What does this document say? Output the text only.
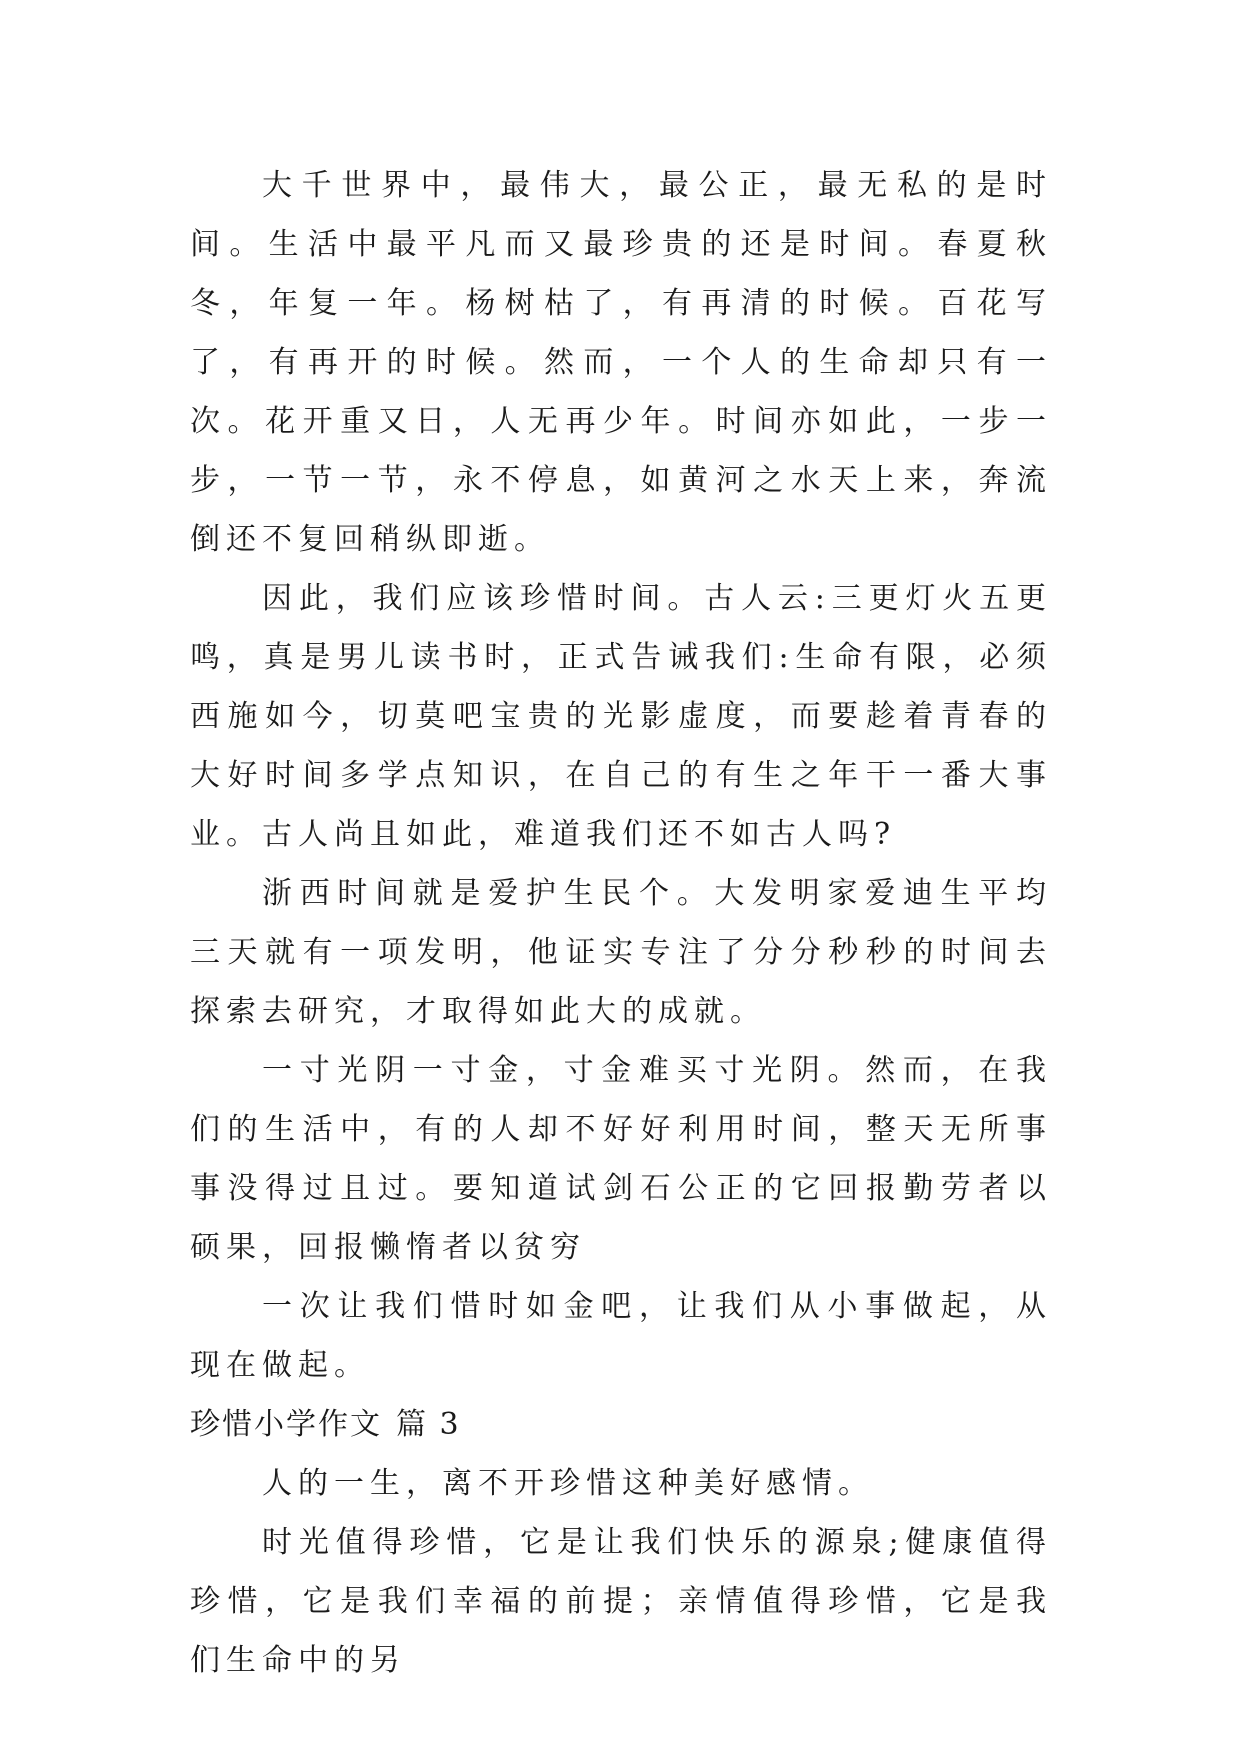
大千世界中，最伟大，最公正，最无私的是时间。生活中最平凡而又最珍贵的还是时间。春夏秋冬，年复一年。杨树枯了，有再清的时候。百花写了，有再开的时候。然而，一个人的生命却只有一次。花开重又日，人无再少年。时间亦如此，一步一步，一节一节，永不停息，如黄河之水天上来，奔流倒还不复回稍纵即逝。

因此，我们应该珍惜时间。古人云:三更灯火五更鸣，真是男儿读书时，正式告诫我们:生命有限，必须西施如今，切莫吧宝贵的光影虚度，而要趁着青春的大好时间多学点知识，在自己的有生之年干一番大事业。古人尚且如此，难道我们还不如古人吗?

浙西时间就是爱护生民个。大发明家爱迪生平均三天就有一项发明，他证实专注了分分秒秒的时间去探索去研究，才取得如此大的成就。

一寸光阴一寸金，寸金难买寸光阴。然而，在我们的生活中，有的人却不好好利用时间，整天无所事事没得过且过。要知道试剑石公正的它回报勤劳者以硕果，回报懒惰者以贫穷

一次让我们惜时如金吧，让我们从小事做起，从现在做起。

珍惜小学作文 篇 3

人的一生，离不开珍惜这种美好感情。

时光值得珍惜，它是让我们快乐的源泉;健康值得珍惜，它是我们幸福的前提；亲情值得珍惜，它是我们生命中的另
